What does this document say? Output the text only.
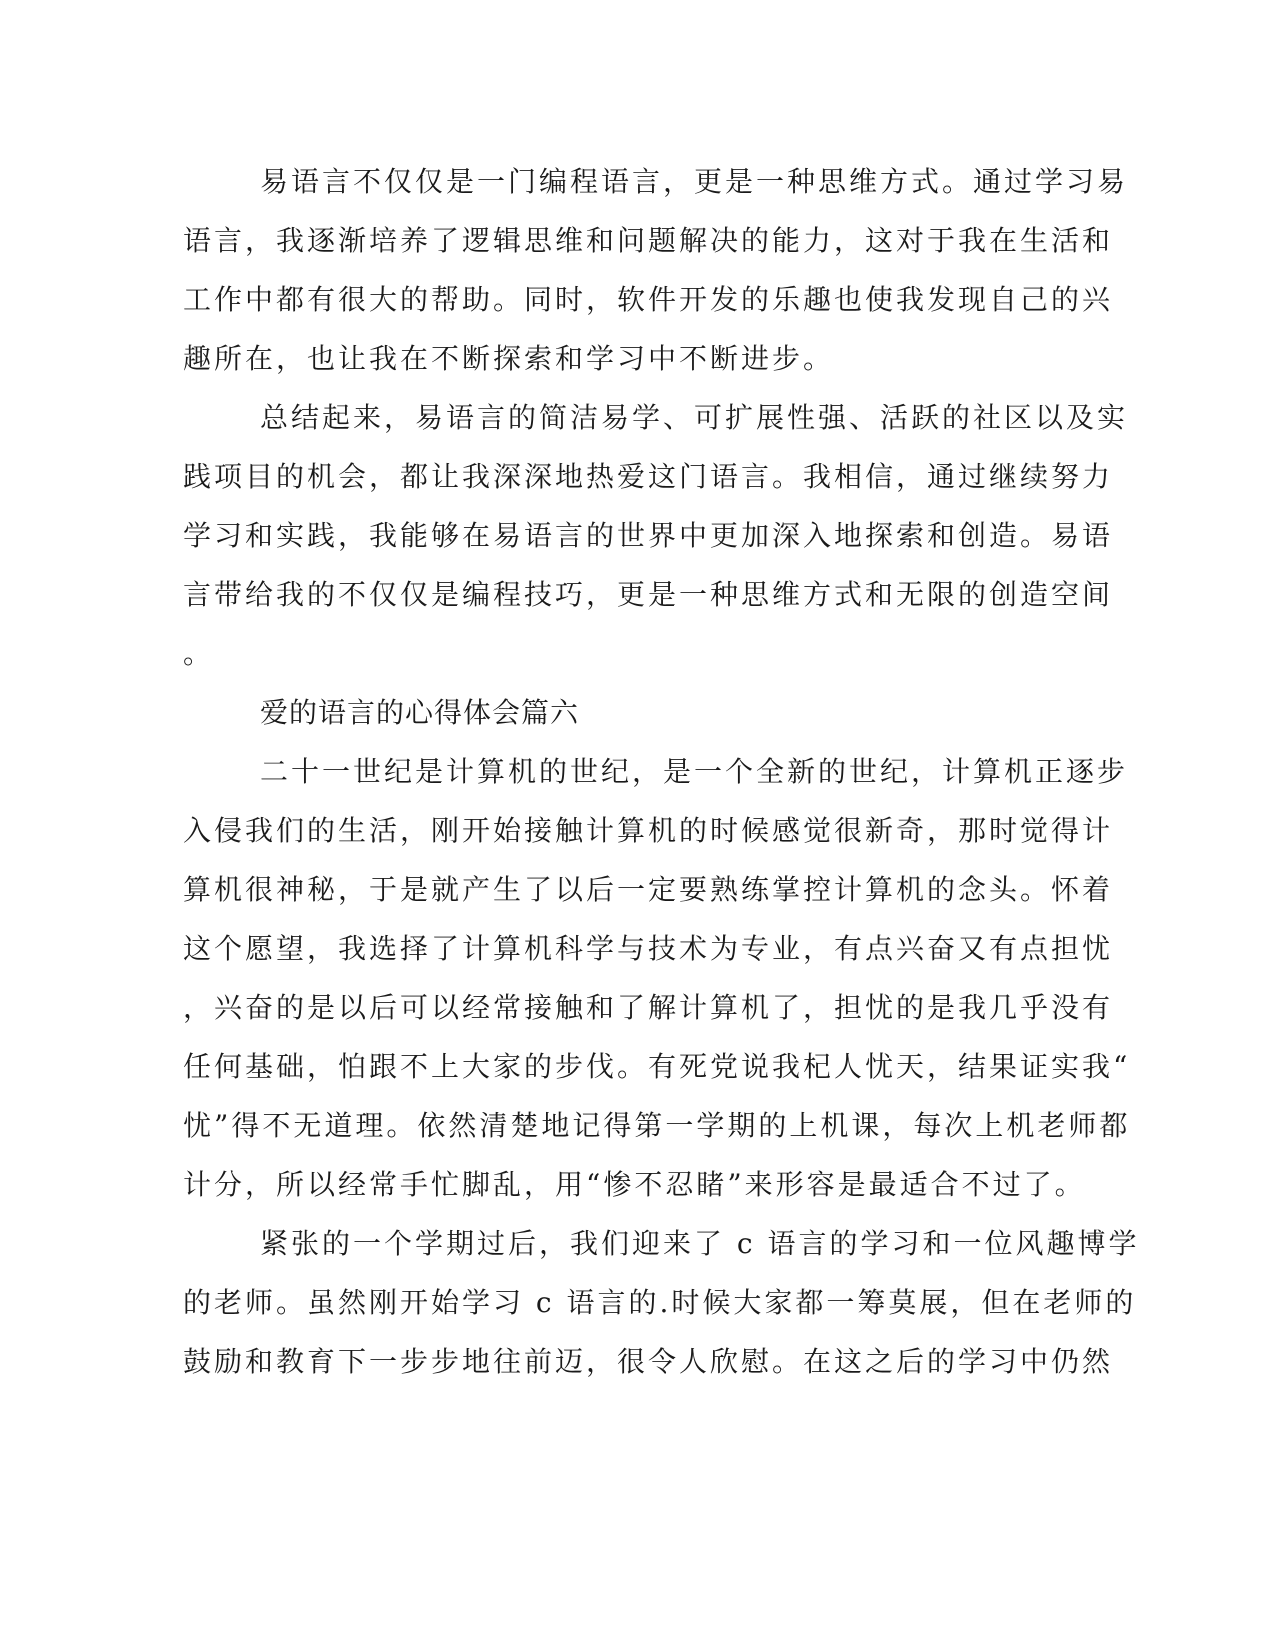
易语言不仅仅是一门编程语言，更是一种思维方式。通过学习易
语言，我逐渐培养了逻辑思维和问题解决的能力，这对于我在生活和
工作中都有很大的帮助。同时，软件开发的乐趣也使我发现自己的兴
趣所在，也让我在不断探索和学习中不断进步。
总结起来，易语言的简洁易学、可扩展性强、活跃的社区以及实
践项目的机会，都让我深深地热爱这门语言。我相信，通过继续努力
学习和实践，我能够在易语言的世界中更加深入地探索和创造。易语
言带给我的不仅仅是编程技巧，更是一种思维方式和无限的创造空间
。
爱的语言的心得体会篇六
二十一世纪是计算机的世纪，是一个全新的世纪，计算机正逐步
入侵我们的生活，刚开始接触计算机的时候感觉很新奇，那时觉得计
算机很神秘，于是就产生了以后一定要熟练掌控计算机的念头。怀着
这个愿望，我选择了计算机科学与技术为专业，有点兴奋又有点担忧
，兴奋的是以后可以经常接触和了解计算机了，担忧的是我几乎没有
任何基础，怕跟不上大家的步伐。有死党说我杞人忧天，结果证实我“
忧”得不无道理。依然清楚地记得第一学期的上机课，每次上机老师都
计分，所以经常手忙脚乱，用“惨不忍睹”来形容是最适合不过了。
紧张的一个学期过后，我们迎来了 c 语言的学习和一位风趣博学
的老师。虽然刚开始学习 c 语言的.时候大家都一筹莫展，但在老师的
鼓励和教育下一步步地往前迈，很令人欣慰。在这之后的学习中仍然
